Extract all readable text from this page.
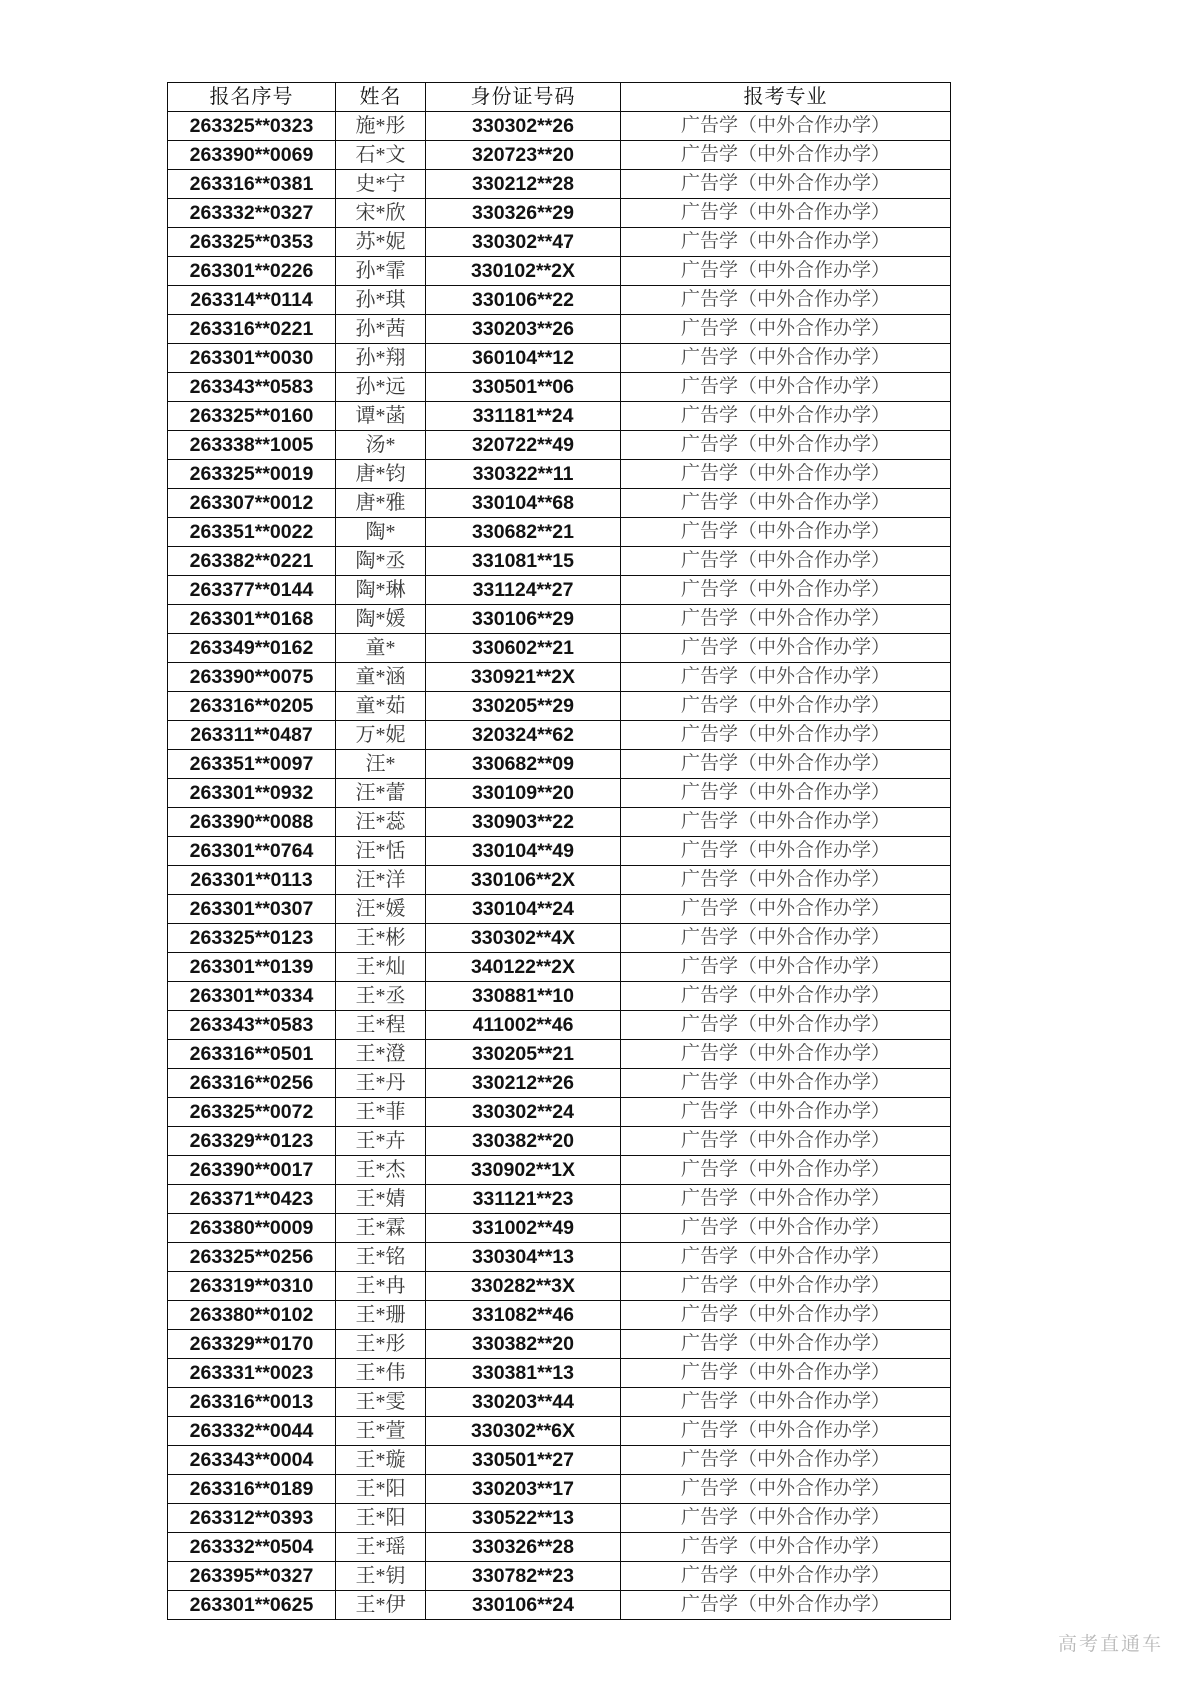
报名序号	姓名	身份证号码	报考专业
263325**0323	施*彤	330302**26	广告学（中外合作办学）
263390**0069	石*文	320723**20	广告学（中外合作办学）
263316**0381	史*宁	330212**28	广告学（中外合作办学）
263332**0327	宋*欣	330326**29	广告学（中外合作办学）
263325**0353	苏*妮	330302**47	广告学（中外合作办学）
263301**0226	孙*霏	330102**2X	广告学（中外合作办学）
263314**0114	孙*琪	330106**22	广告学（中外合作办学）
263316**0221	孙*茜	330203**26	广告学（中外合作办学）
263301**0030	孙*翔	360104**12	广告学（中外合作办学）
263343**0583	孙*远	330501**06	广告学（中外合作办学）
263325**0160	谭*菡	331181**24	广告学（中外合作办学）
263338**1005	汤*	320722**49	广告学（中外合作办学）
263325**0019	唐*钧	330322**11	广告学（中外合作办学）
263307**0012	唐*雅	330104**68	广告学（中外合作办学）
263351**0022	陶*	330682**21	广告学（中外合作办学）
263382**0221	陶*丞	331081**15	广告学（中外合作办学）
263377**0144	陶*琳	331124**27	广告学（中外合作办学）
263301**0168	陶*媛	330106**29	广告学（中外合作办学）
263349**0162	童*	330602**21	广告学（中外合作办学）
263390**0075	童*涵	330921**2X	广告学（中外合作办学）
263316**0205	童*茹	330205**29	广告学（中外合作办学）
263311**0487	万*妮	320324**62	广告学（中外合作办学）
263351**0097	汪*	330682**09	广告学（中外合作办学）
263301**0932	汪*蕾	330109**20	广告学（中外合作办学）
263390**0088	汪*蕊	330903**22	广告学（中外合作办学）
263301**0764	汪*恬	330104**49	广告学（中外合作办学）
263301**0113	汪*洋	330106**2X	广告学（中外合作办学）
263301**0307	汪*媛	330104**24	广告学（中外合作办学）
263325**0123	王*彬	330302**4X	广告学（中外合作办学）
263301**0139	王*灿	340122**2X	广告学（中外合作办学）
263301**0334	王*丞	330881**10	广告学（中外合作办学）
263343**0583	王*程	411002**46	广告学（中外合作办学）
263316**0501	王*澄	330205**21	广告学（中外合作办学）
263316**0256	王*丹	330212**26	广告学（中外合作办学）
263325**0072	王*菲	330302**24	广告学（中外合作办学）
263329**0123	王*卉	330382**20	广告学（中外合作办学）
263390**0017	王*杰	330902**1X	广告学（中外合作办学）
263371**0423	王*婧	331121**23	广告学（中外合作办学）
263380**0009	王*霖	331002**49	广告学（中外合作办学）
263325**0256	王*铭	330304**13	广告学（中外合作办学）
263319**0310	王*冉	330282**3X	广告学（中外合作办学）
263380**0102	王*珊	331082**46	广告学（中外合作办学）
263329**0170	王*彤	330382**20	广告学（中外合作办学）
263331**0023	王*伟	330381**13	广告学（中外合作办学）
263316**0013	王*雯	330203**44	广告学（中外合作办学）
263332**0044	王*萱	330302**6X	广告学（中外合作办学）
263343**0004	王*璇	330501**27	广告学（中外合作办学）
263316**0189	王*阳	330203**17	广告学（中外合作办学）
263312**0393	王*阳	330522**13	广告学（中外合作办学）
263332**0504	王*瑶	330326**28	广告学（中外合作办学）
263395**0327	王*钥	330782**23	广告学（中外合作办学）
263301**0625	王*伊	330106**24	广告学（中外合作办学）
高考直通车
